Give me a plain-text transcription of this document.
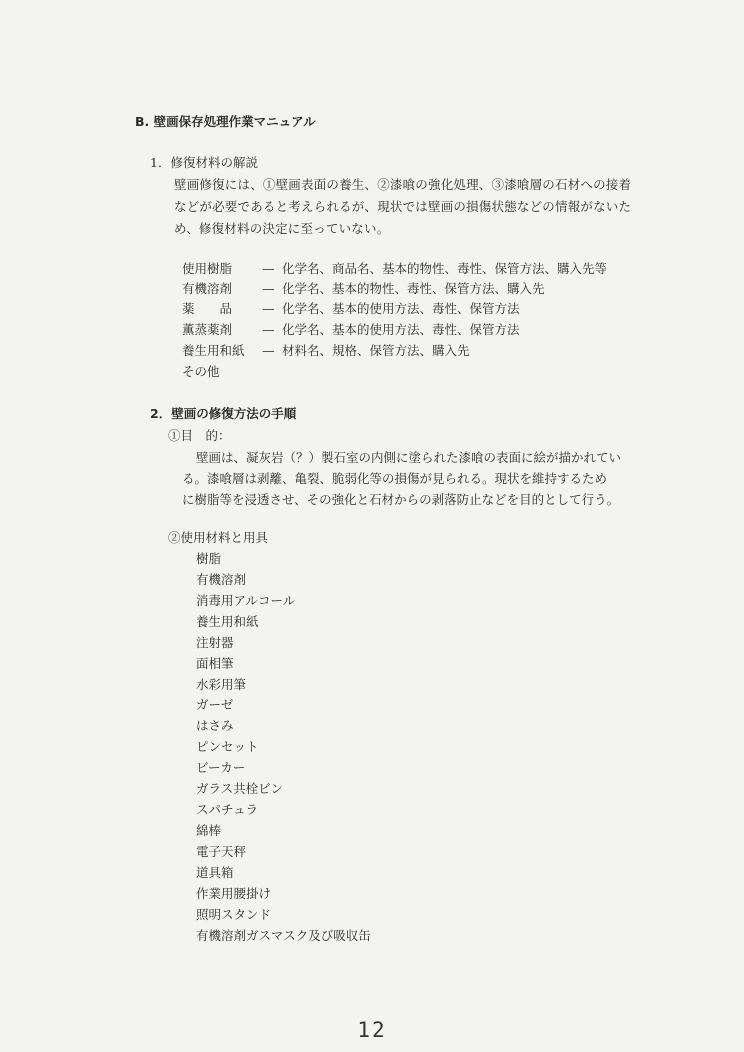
B. 壁画保存処理作業マニュアル
1．修復材料の解説
壁画修復には、①壁画表面の養生、②漆喰の強化処理、③漆喰層の石材への接着
などが必要であると考えられるが、現状では壁画の損傷状態などの情報がないた
め、修復材料の決定に至っていない。
使用樹脂	— 化学名、商品名、基本的物性、毒性、保管方法、購入先等
有機溶剤	— 化学名、基本的物性、毒性、保管方法、購入先
薬　　品	— 化学名、基本的使用方法、毒性、保管方法
薫蒸薬剤	— 化学名、基本的使用方法、毒性、保管方法
養生用和紙	— 材料名、規格、保管方法、購入先
その他
2．壁画の修復方法の手順
①目　的：
壁画は、凝灰岩（？）製石室の内側に塗られた漆喰の表面に絵が描かれてい
る。漆喰層は剥離、亀裂、脆弱化等の損傷が見られる。現状を維持するため
に樹脂等を浸透させ、その強化と石材からの剥落防止などを目的として行う。
②使用材料と用具
樹脂
有機溶剤
消毒用アルコール
養生用和紙
注射器
面相筆
水彩用筆
ガーゼ
はさみ
ピンセット
ビーカー
ガラス共栓ビン
スパチュラ
綿棒
電子天秤
道具箱
作業用腰掛け
照明スタンド
有機溶剤ガスマスク及び吸収缶
12
